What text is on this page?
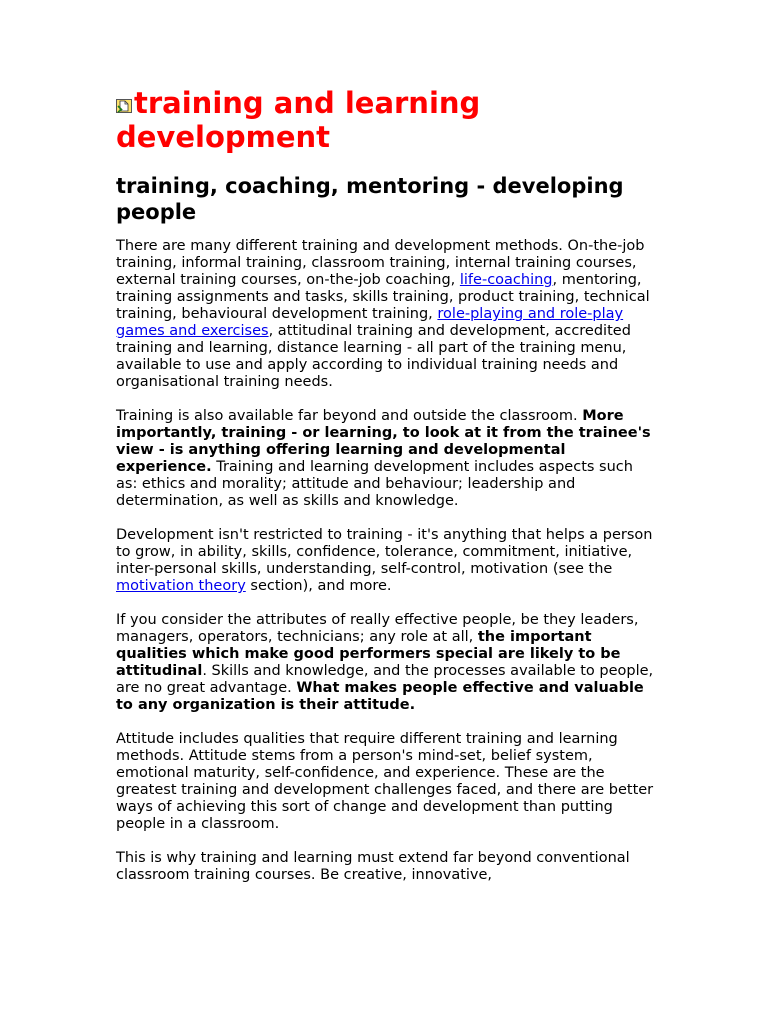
training and learning development
training, coaching, mentoring - developing people

There are many different training and development methods. On-the-job training, informal training, classroom training, internal training courses, external training courses, on-the-job coaching, life-coaching, mentoring, training assignments and tasks, skills training, product training, technical training, behavioural development training, role-playing and role-play games and exercises, attitudinal training and development, accredited training and learning, distance learning - all part of the training menu, available to use and apply according to individual training needs and organisational training needs.

Training is also available far beyond and outside the classroom. More importantly, training - or learning, to look at it from the trainee's view - is anything offering learning and developmental experience. Training and learning development includes aspects such as: ethics and morality; attitude and behaviour; leadership and determination, as well as skills and knowledge.

Development isn't restricted to training - it's anything that helps a person to grow, in ability, skills, confidence, tolerance, commitment, initiative, inter-personal skills, understanding, self-control, motivation (see the motivation theory section), and more.

If you consider the attributes of really effective people, be they leaders, managers, operators, technicians; any role at all, the important qualities which make good performers special are likely to be attitudinal. Skills and knowledge, and the processes available to people, are no great advantage. What makes people effective and valuable to any organization is their attitude.

Attitude includes qualities that require different training and learning methods. Attitude stems from a person's mind-set, belief system, emotional maturity, self-confidence, and experience. These are the greatest training and development challenges faced, and there are better ways of achieving this sort of change and development than putting people in a classroom.

This is why training and learning must extend far beyond conventional classroom training courses. Be creative, innovative,
